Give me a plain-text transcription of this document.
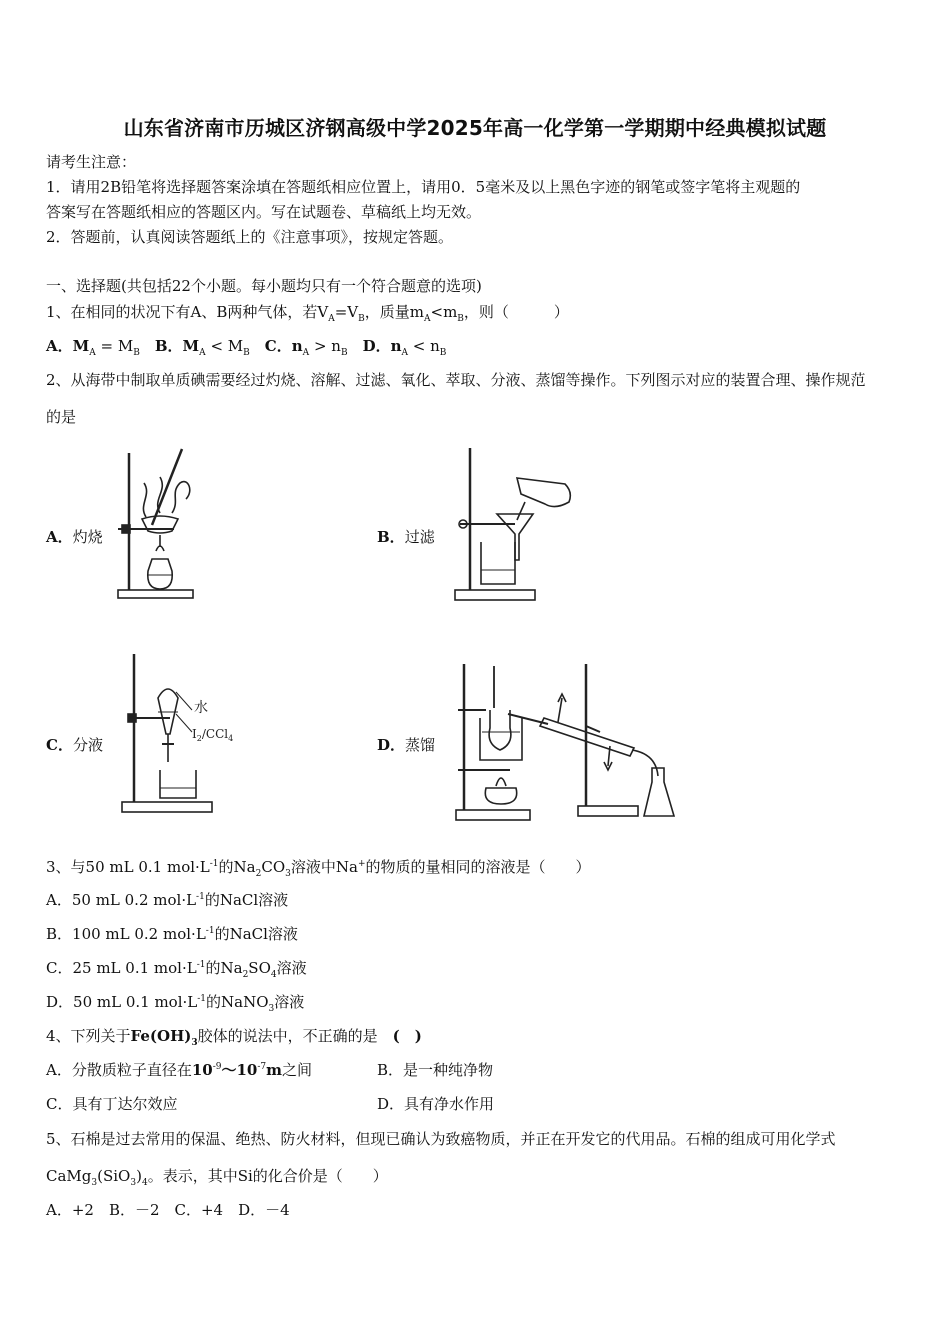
山东省济南市历城区济钢高级中学2025年高一化学第一学期期中经典模拟试题
请考生注意：
1．请用2B铅笔将选择题答案涂填在答题纸相应位置上，请用0．5毫米及以上黑色字迹的钢笔或签字笔将主观题的
答案写在答题纸相应的答题区内。写在试题卷、草稿纸上均无效。
2．答题前，认真阅读答题纸上的《注意事项》，按规定答题。
一、选择题(共包括22个小题。每小题均只有一个符合题意的选项)
1、在相同的状况下有A、B两种气体，若$V_A=V_B$，质量$m_A<m_B$，则（　　　）
A．$M_A = M_B$　 B．$M_A < M_B$　 C．$n_A > n_B$　 D．$n_A < n_B$
2、从海带中制取单质碘需要经过灼烧、溶解、过滤、氧化、萃取、分液、蒸馏等操作。下列图示对应的装置合理、操作规范
的是
A．灼烧	B．过滤
C．分液	D．蒸馏
水
$I_2/CCl_4$
3、与50 mL 0.1 $mol\cdot L^{-1}$的$Na_2CO_3$溶液中Na+的物质的量相同的溶液是（　　）
A．50 mL 0.2 $mol\cdot L^{-1}$的NaCl溶液
B．100 mL 0.2 $mol\cdot L^{-1}$的NaCl溶液
C．25 mL 0.1 $mol\cdot L^{-1}$的$Na_2SO_4$溶液
D．50 mL 0.1 $mol\cdot L^{-1}$的NaNO$_3$溶液
4、下列关于$Fe(OH)_3$胶体的说法中，不正确的是　(　)
A．分散质粒子直径在$10^{-9}\sim 10^{-7}m$之间	B．是一种纯净物
C．具有丁达尔效应	D．具有净水作用
5、石棉是过去常用的保温、绝热、防火材料，但现已确认为致癌物质，并正在开发它的代用品。石棉的组成可用化学式
$CaMg_3(SiO_3)_4$。表示，其中Si的化合价是（　　）
A．+2　B．－2　C．+4　D．－4
